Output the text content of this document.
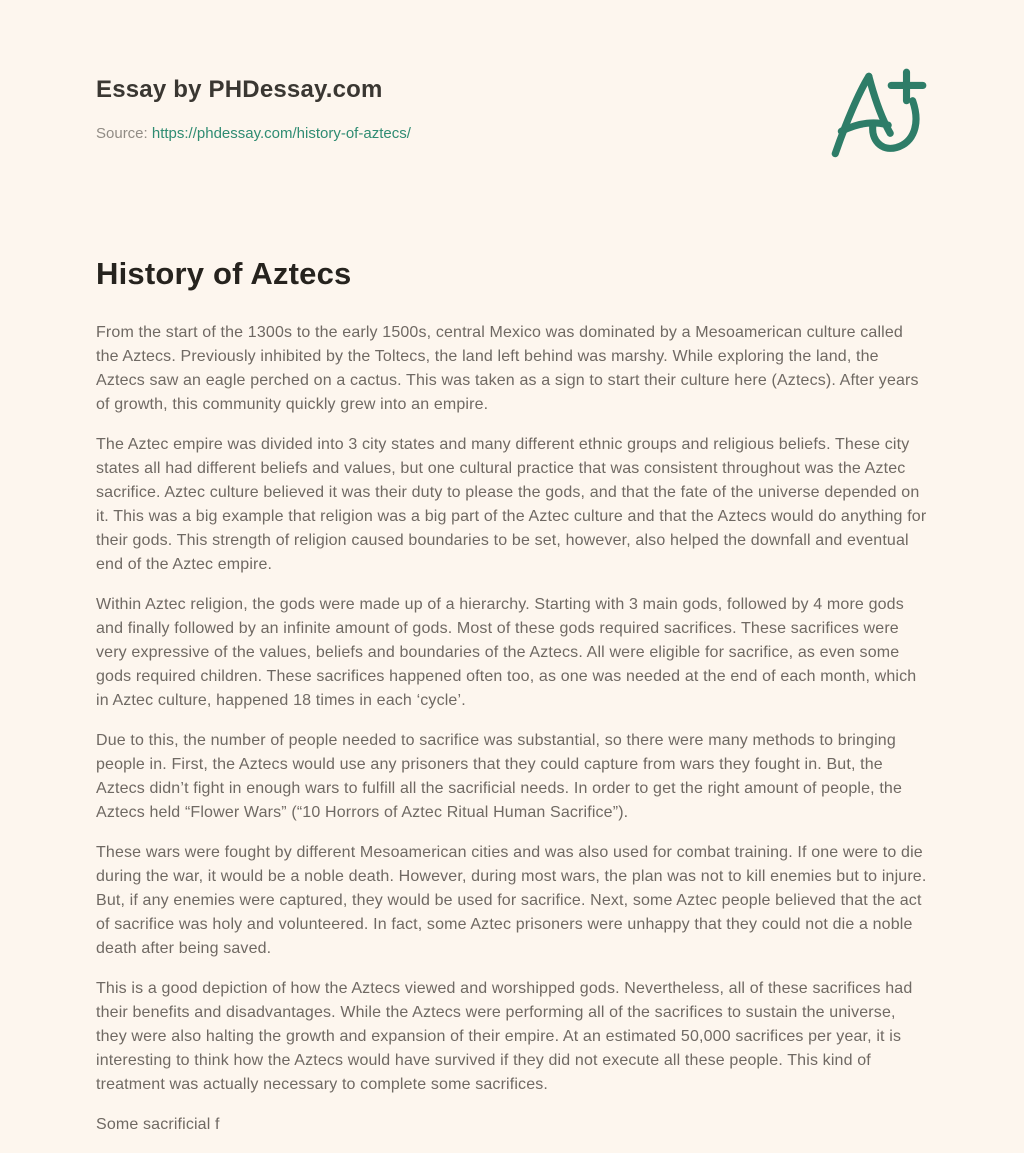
Essay by PHDessay.com
Source: https://phdessay.com/history-of-aztecs/
History of Aztecs

From the start of the 1300s to the early 1500s, central Mexico was dominated by a Mesoamerican culture called the Aztecs. Previously inhibited by the Toltecs, the land left behind was marshy. While exploring the land, the Aztecs saw an eagle perched on a cactus. This was taken as a sign to start their culture here (Aztecs). After years of growth, this community quickly grew into an empire.

The Aztec empire was divided into 3 city states and many different ethnic groups and religious beliefs. These city states all had different beliefs and values, but one cultural practice that was consistent throughout was the Aztec sacrifice. Aztec culture believed it was their duty to please the gods, and that the fate of the universe depended on it. This was a big example that religion was a big part of the Aztec culture and that the Aztecs would do anything for their gods. This strength of religion caused boundaries to be set, however, also helped the downfall and eventual end of the Aztec empire.

Within Aztec religion, the gods were made up of a hierarchy. Starting with 3 main gods, followed by 4 more gods and finally followed by an infinite amount of gods. Most of these gods required sacrifices. These sacrifices were very expressive of the values, beliefs and boundaries of the Aztecs. All were eligible for sacrifice, as even some gods required children. These sacrifices happened often too, as one was needed at the end of each month, which in Aztec culture, happened 18 times in each ‘cycle’.

Due to this, the number of people needed to sacrifice was substantial, so there were many methods to bringing people in. First, the Aztecs would use any prisoners that they could capture from wars they fought in. But, the Aztecs didn’t fight in enough wars to fulfill all the sacrificial needs. In order to get the right amount of people, the Aztecs held “Flower Wars” (“10 Horrors of Aztec Ritual Human Sacrifice”).

These wars were fought by different Mesoamerican cities and was also used for combat training. If one were to die during the war, it would be a noble death. However, during most wars, the plan was not to kill enemies but to injure. But, if any enemies were captured, they would be used for sacrifice. Next, some Aztec people believed that the act of sacrifice was holy and volunteered. In fact, some Aztec prisoners were unhappy that they could not die a noble death after being saved.

This is a good depiction of how the Aztecs viewed and worshipped gods. Nevertheless, all of these sacrifices had their benefits and disadvantages. While the Aztecs were performing all of the sacrifices to sustain the universe, they were also halting the growth and expansion of their empire. At an estimated 50,000 sacrifices per year, it is interesting to think how the Aztecs would have survived if they did not execute all these people. This kind of treatment was actually necessary to complete some sacrifices.

Some sacrificial f
